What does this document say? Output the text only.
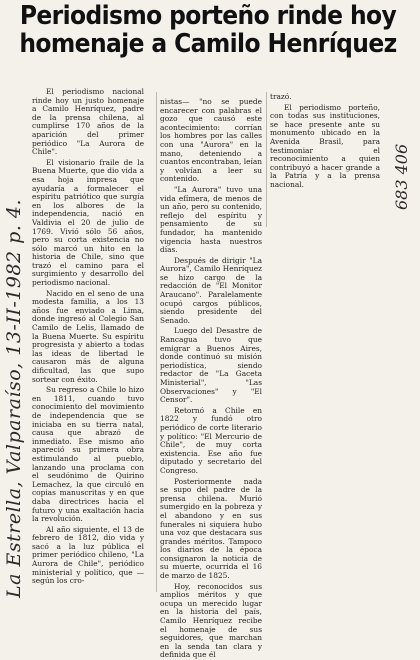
Periodismo porteño rinde hoy
homenaje a Camilo Henríquez

El periodismo nacional rinde hoy un justo homenaje a Camilo Henríquez, padre de la prensa chilena, al cumplirse 170 años de la aparición del primer periódico "La Aurora de Chile".

El visionario fraile de la Buena Muerte, que dio vida a esa hoja impresa que ayudaría a formalecer el espíritu patriótico que surgía en los albores de la independencia, nació en Valdivia el 20 de julio de 1769. Vivió sólo 56 años, pero su corta existencia no sólo marcó un hito en la historia de Chile, sino que trazó el camino para el surgimiento y desarrollo del periodismo nacional.

Nacido en el seno de una modesta familia, a los 13 años fue enviado a Lima, donde ingresó al Colegio San Camilo de Lelis, llamado de la Buena Muerte. Su espíritu progresista y abierto a todas las ideas de libertad le causaron más de alguna dificultad, las que supo sortear con éxito.

Su regreso a Chile lo hizo en 1811, cuando tuvo conocimiento del movimiento de independencia que se iniciaba en su tierra natal, causa que abrazó de inmediato. Ese mismo año apareció su primera obra estimulando al pueblo, lanzando una proclama con el seudónimo de Quirino Lemachez, la que circuló en copias manuscritas y en que daba directrices hacia el futuro y una exaltación hacia la revolución.

Al año siguiente, el 13 de febrero de 1812, dio vida y sacó a la luz pública el primer periódico chileno, "La Aurora de Chile", periódico ministerial y político, que —según los cro-

nistas— "no se puede encarecer con palabras el gozo que causó este acontecimiento: corrían los hombres por las calles con una "Aurora" en la mano, deteniendo a cuantos encontraban, leían y volvían a leer su contenido.

"La Aurora" tuvo una vida efímera, de menos de un año, pero su contenido, reflejo del espíritu y pensamiento de su fundador, ha mantenido vigencia hasta nuestros días.

Después de dirigir "La Aurora", Camilo Henríquez se hizo cargo de la redacción de "El Monitor Araucano". Paralelamente ocupó cargos públicos, siendo presidente del Senado.

Luego del Desastre de Rancagua tuvo que emigrar a Buenos Aires, donde continuó su misión periodística, siendo redactor de "La Gaceta Ministerial", "Las Observaciones" y "El Censor".

Retornó a Chile en 1822 y fundó otro periódico de corte literario y político: "El Mercurio de Chile", de muy corta existencia. Ese año fue diputado y secretario del Congreso.

Posteriormente nada se supo del padre de la prensa chilena. Murió sumergido en la pobreza y el abandono y en sus funerales ni siquiera hubo una voz que destacara sus grandes méritos. Tampoco los diarios de la época consignaron la noticia de su muerte, ocurrida el 16 de marzo de 1825.

Hoy, reconocidos sus amplios méritos y que ocupa un merecido lugar en la historia del país, Camilo Henríquez recibe el homenaje de sus seguidores, que marchan en la senda tan clara y definida que él

trazó.

El periodismo porteño, con todas sus instituciones, se hace presente ante su monumento ubicado en la Avenida Brasil, para testimoniar el reconocimiento a quien contribuyó a hacer grande a la Patria y a la prensa nacional.

La Estrella, Valparaíso, 13-II-1982 p. 4.
683 406
